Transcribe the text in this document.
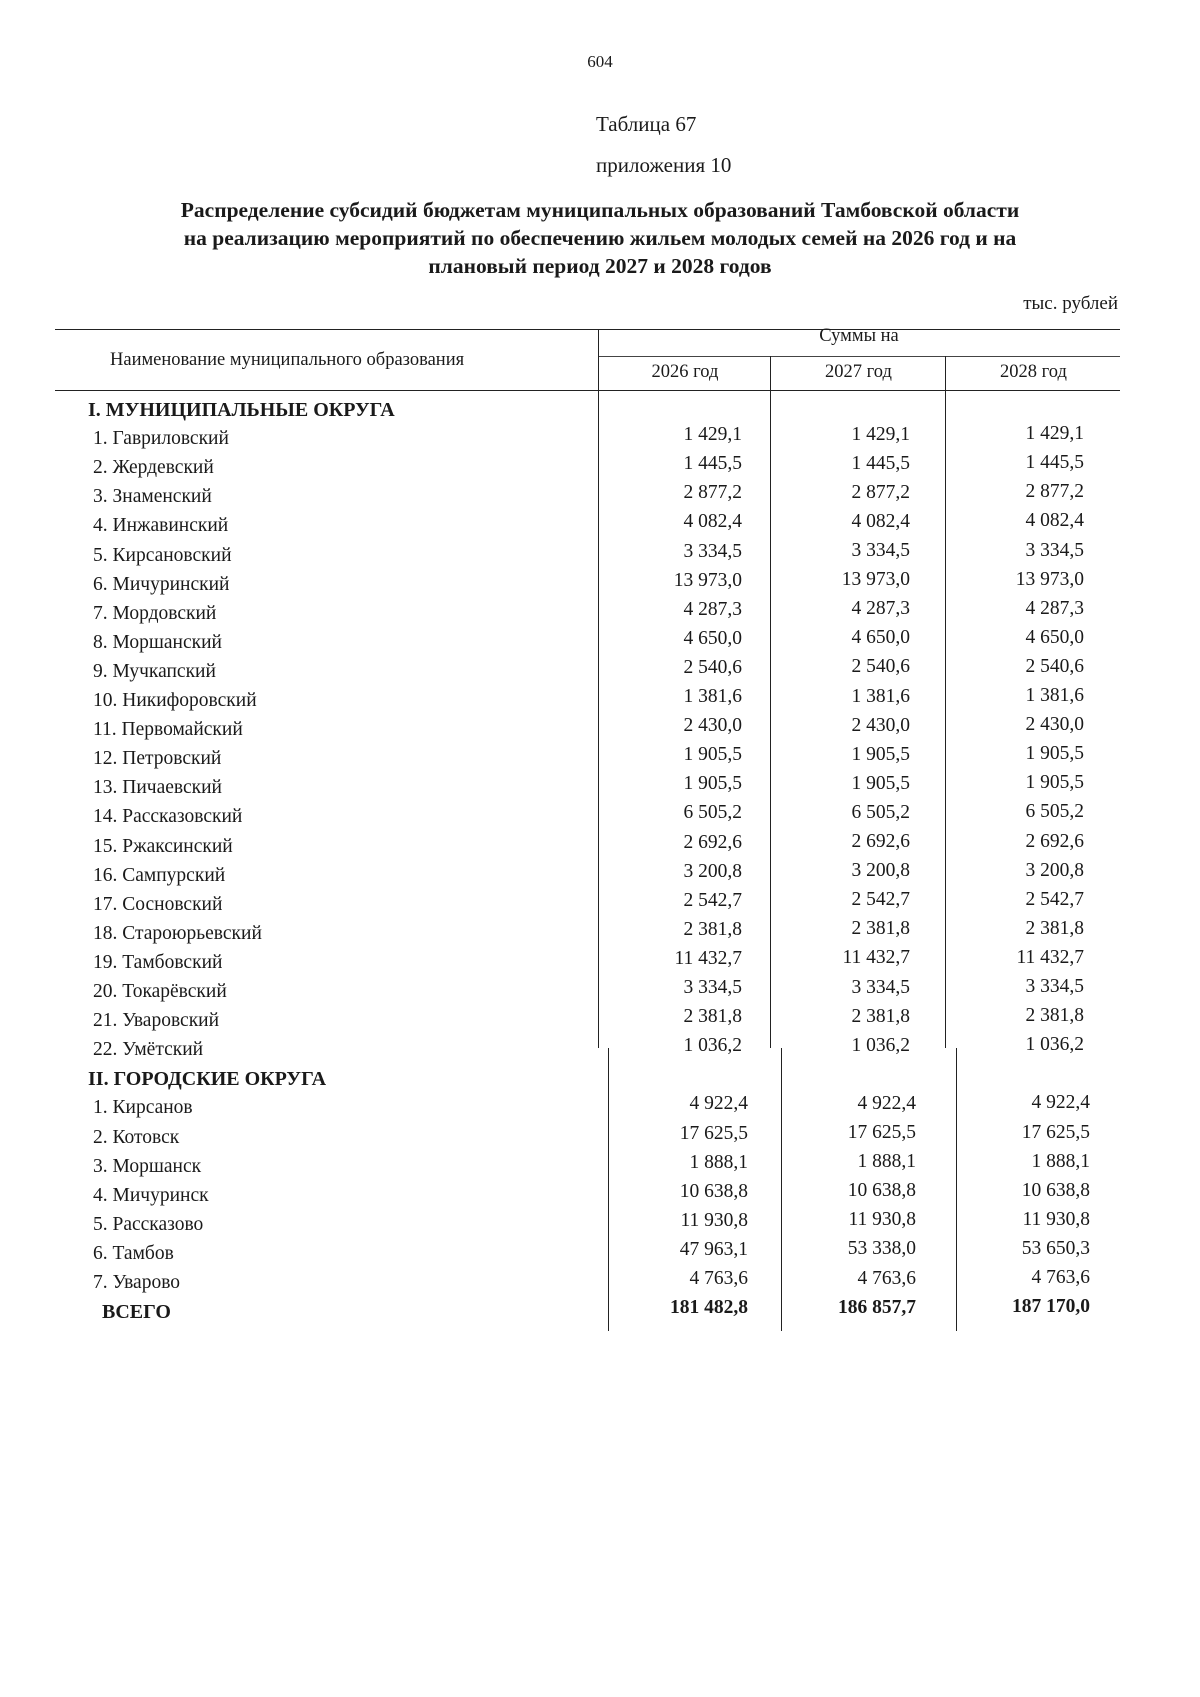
604
Таблица 67
приложения 10
Распределение субсидий бюджетам муниципальных образований Тамбовской области
на реализацию мероприятий по обеспечению жильем молодых семей на 2026 год и на
плановый период 2027 и 2028 годов
тыс. рублей
Наименование муниципального образования
Суммы на
2026 год	2027 год	2028 год
I. МУНИЦИПАЛЬНЫЕ ОКРУГА
1. Гавриловский	1 429,1	1 429,1	1 429,1
2. Жердевский	1 445,5	1 445,5	1 445,5
3. Знаменский	2 877,2	2 877,2	2 877,2
4. Инжавинский	4 082,4	4 082,4	4 082,4
5. Кирсановский	3 334,5	3 334,5	3 334,5
6. Мичуринский	13 973,0	13 973,0	13 973,0
7. Мордовский	4 287,3	4 287,3	4 287,3
8. Моршанский	4 650,0	4 650,0	4 650,0
9. Мучкапский	2 540,6	2 540,6	2 540,6
10. Никифоровский	1 381,6	1 381,6	1 381,6
11. Первомайский	2 430,0	2 430,0	2 430,0
12. Петровский	1 905,5	1 905,5	1 905,5
13. Пичаевский	1 905,5	1 905,5	1 905,5
14. Рассказовский	6 505,2	6 505,2	6 505,2
15. Ржаксинский	2 692,6	2 692,6	2 692,6
16. Сампурский	3 200,8	3 200,8	3 200,8
17. Сосновский	2 542,7	2 542,7	2 542,7
18. Староюрьевский	2 381,8	2 381,8	2 381,8
19. Тамбовский	11 432,7	11 432,7	11 432,7
20. Токарёвский	3 334,5	3 334,5	3 334,5
21. Уваровский	2 381,8	2 381,8	2 381,8
22. Умётский	1 036,2	1 036,2	1 036,2
II. ГОРОДСКИЕ ОКРУГА
1. Кирсанов	4 922,4	4 922,4	4 922,4
2. Котовск	17 625,5	17 625,5	17 625,5
3. Моршанск	1 888,1	1 888,1	1 888,1
4. Мичуринск	10 638,8	10 638,8	10 638,8
5. Рассказово	11 930,8	11 930,8	11 930,8
6. Тамбов	47 963,1	53 338,0	53 650,3
7. Уварово	4 763,6	4 763,6	4 763,6
ВСЕГО	181 482,8	186 857,7	187 170,0
